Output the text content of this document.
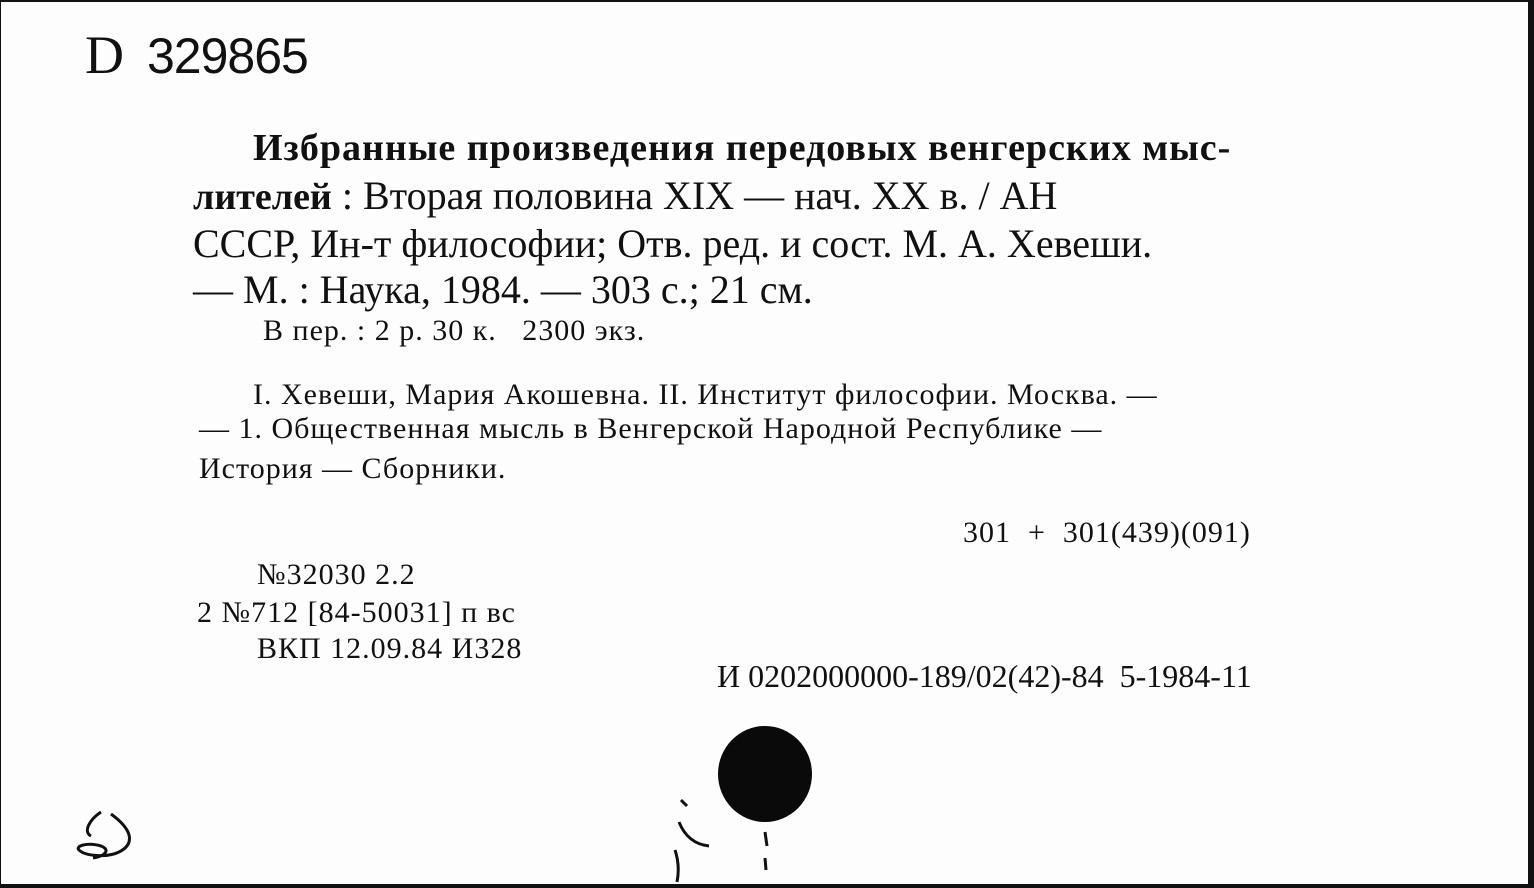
D 329865
Избранные произведения передовых венгерских мыс-
лителей : Вторая половина XIX — нач. XX в. / АН
СССР, Ин-т философии; Отв. ред. и сост. М. А. Хевеши.
— М. : Наука, 1984. — 303 с.; 21 см.
В пер. : 2 р. 30 к.   2300 экз.
I. Хевеши, Мария Акошевна. II. Институт философии. Москва. —
— 1. Общественная мысль в Венгерской Народной Республике —
История — Сборники.
301  +  301(439)(091)
№32030 2.2
2 №712 [84-50031] п вс
ВКП 12.09.84 И328
И 0202000000-189/02(42)-84  5-1984-11
